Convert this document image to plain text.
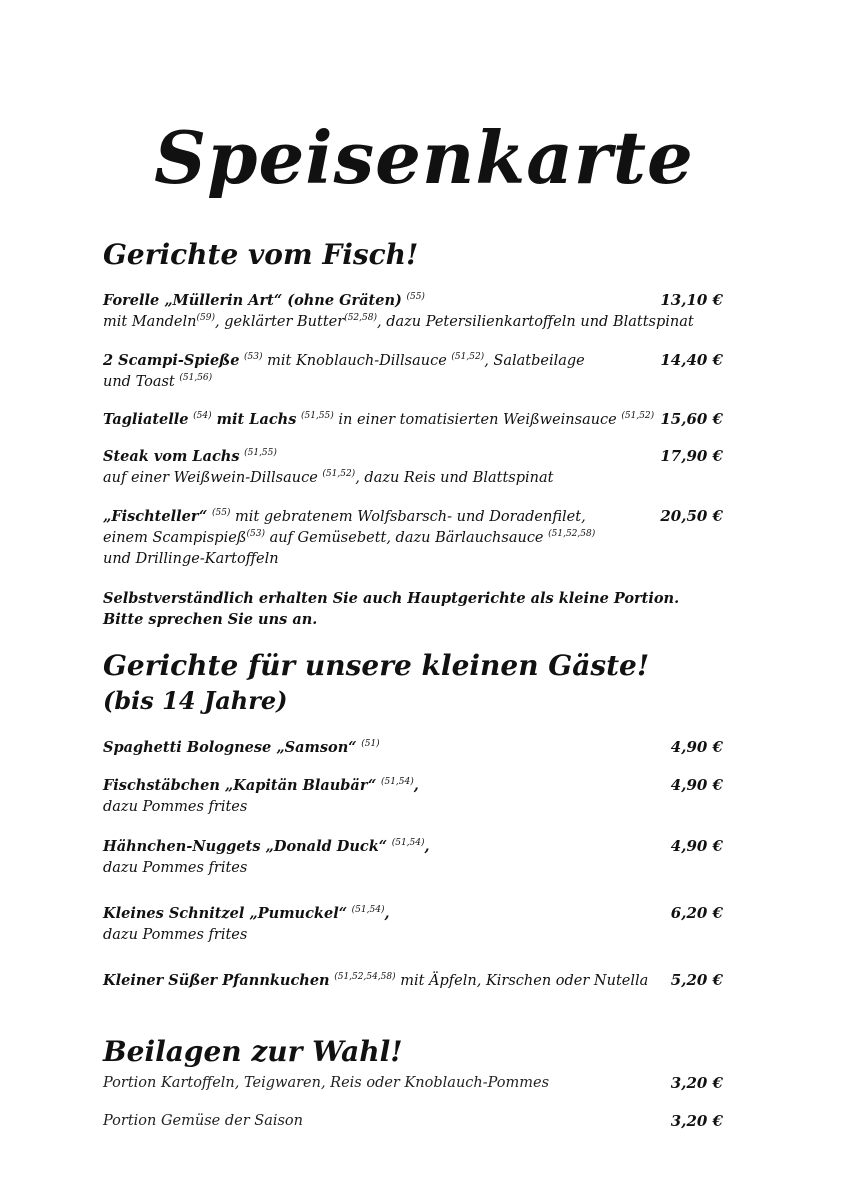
Speisenkarte
Gerichte vom Fisch!
Forelle „Müllerin Art“ (ohne Gräten) $^{(55)}$
mit Mandeln$^{(59)}$, geklärter Butter$^{(52,58)}$, dazu Petersilienkartoffeln und Blattspinat
13,10 €
2 Scampi-Spieße $^{(53)}$ mit Knoblauch-Dillsauce $^{(51,52)}$, Salatbeilage
und Toast $^{(51,56)}$
14,40 €
Tagliatelle $^{(54)}$ mit Lachs $^{(51,55)}$ in einer tomatisierten Weißweinsauce $^{(51,52)}$ 15,60 €
Steak vom Lachs $^{(51,55)}$
auf einer Weißwein-Dillsauce $^{(51,52)}$, dazu Reis und Blattspinat
17,90 €
„Fischteller“ $^{(55)}$ mit gebratenem Wolfsbarsch- und Doradenfilet,
einem Scampispieß$^{(53)}$ auf Gemüsebett, dazu Bärlauchsauce $^{(51,52,58)}$
und Drillinge-Kartoffeln
20,50 €
Selbstverständlich erhalten Sie auch Hauptgerichte als kleine Portion.
Bitte sprechen Sie uns an.
Gerichte für unsere kleinen Gäste!
(bis 14 Jahre)
Spaghetti Bolognese „Samson“ $^{(51)}$	4,90 €
Fischstäbchen „Kapitän Blaubär“ $^{(51,54)}$,
dazu Pommes frites
4,90 €
Hähnchen-Nuggets „Donald Duck“ $^{(51,54)}$,
dazu Pommes frites
4,90 €
Kleines Schnitzel „Pumuckel“ $^{(51,54)}$,
dazu Pommes frites
6,20 €
Kleiner Süßer Pfannkuchen $^{(51,52,54,58)}$ mit Äpfeln, Kirschen oder Nutella	5,20 €
Beilagen zur Wahl!
Portion Kartoffeln, Teigwaren, Reis oder Knoblauch-Pommes	3,20 €
Portion Gemüse der Saison	3,20 €
